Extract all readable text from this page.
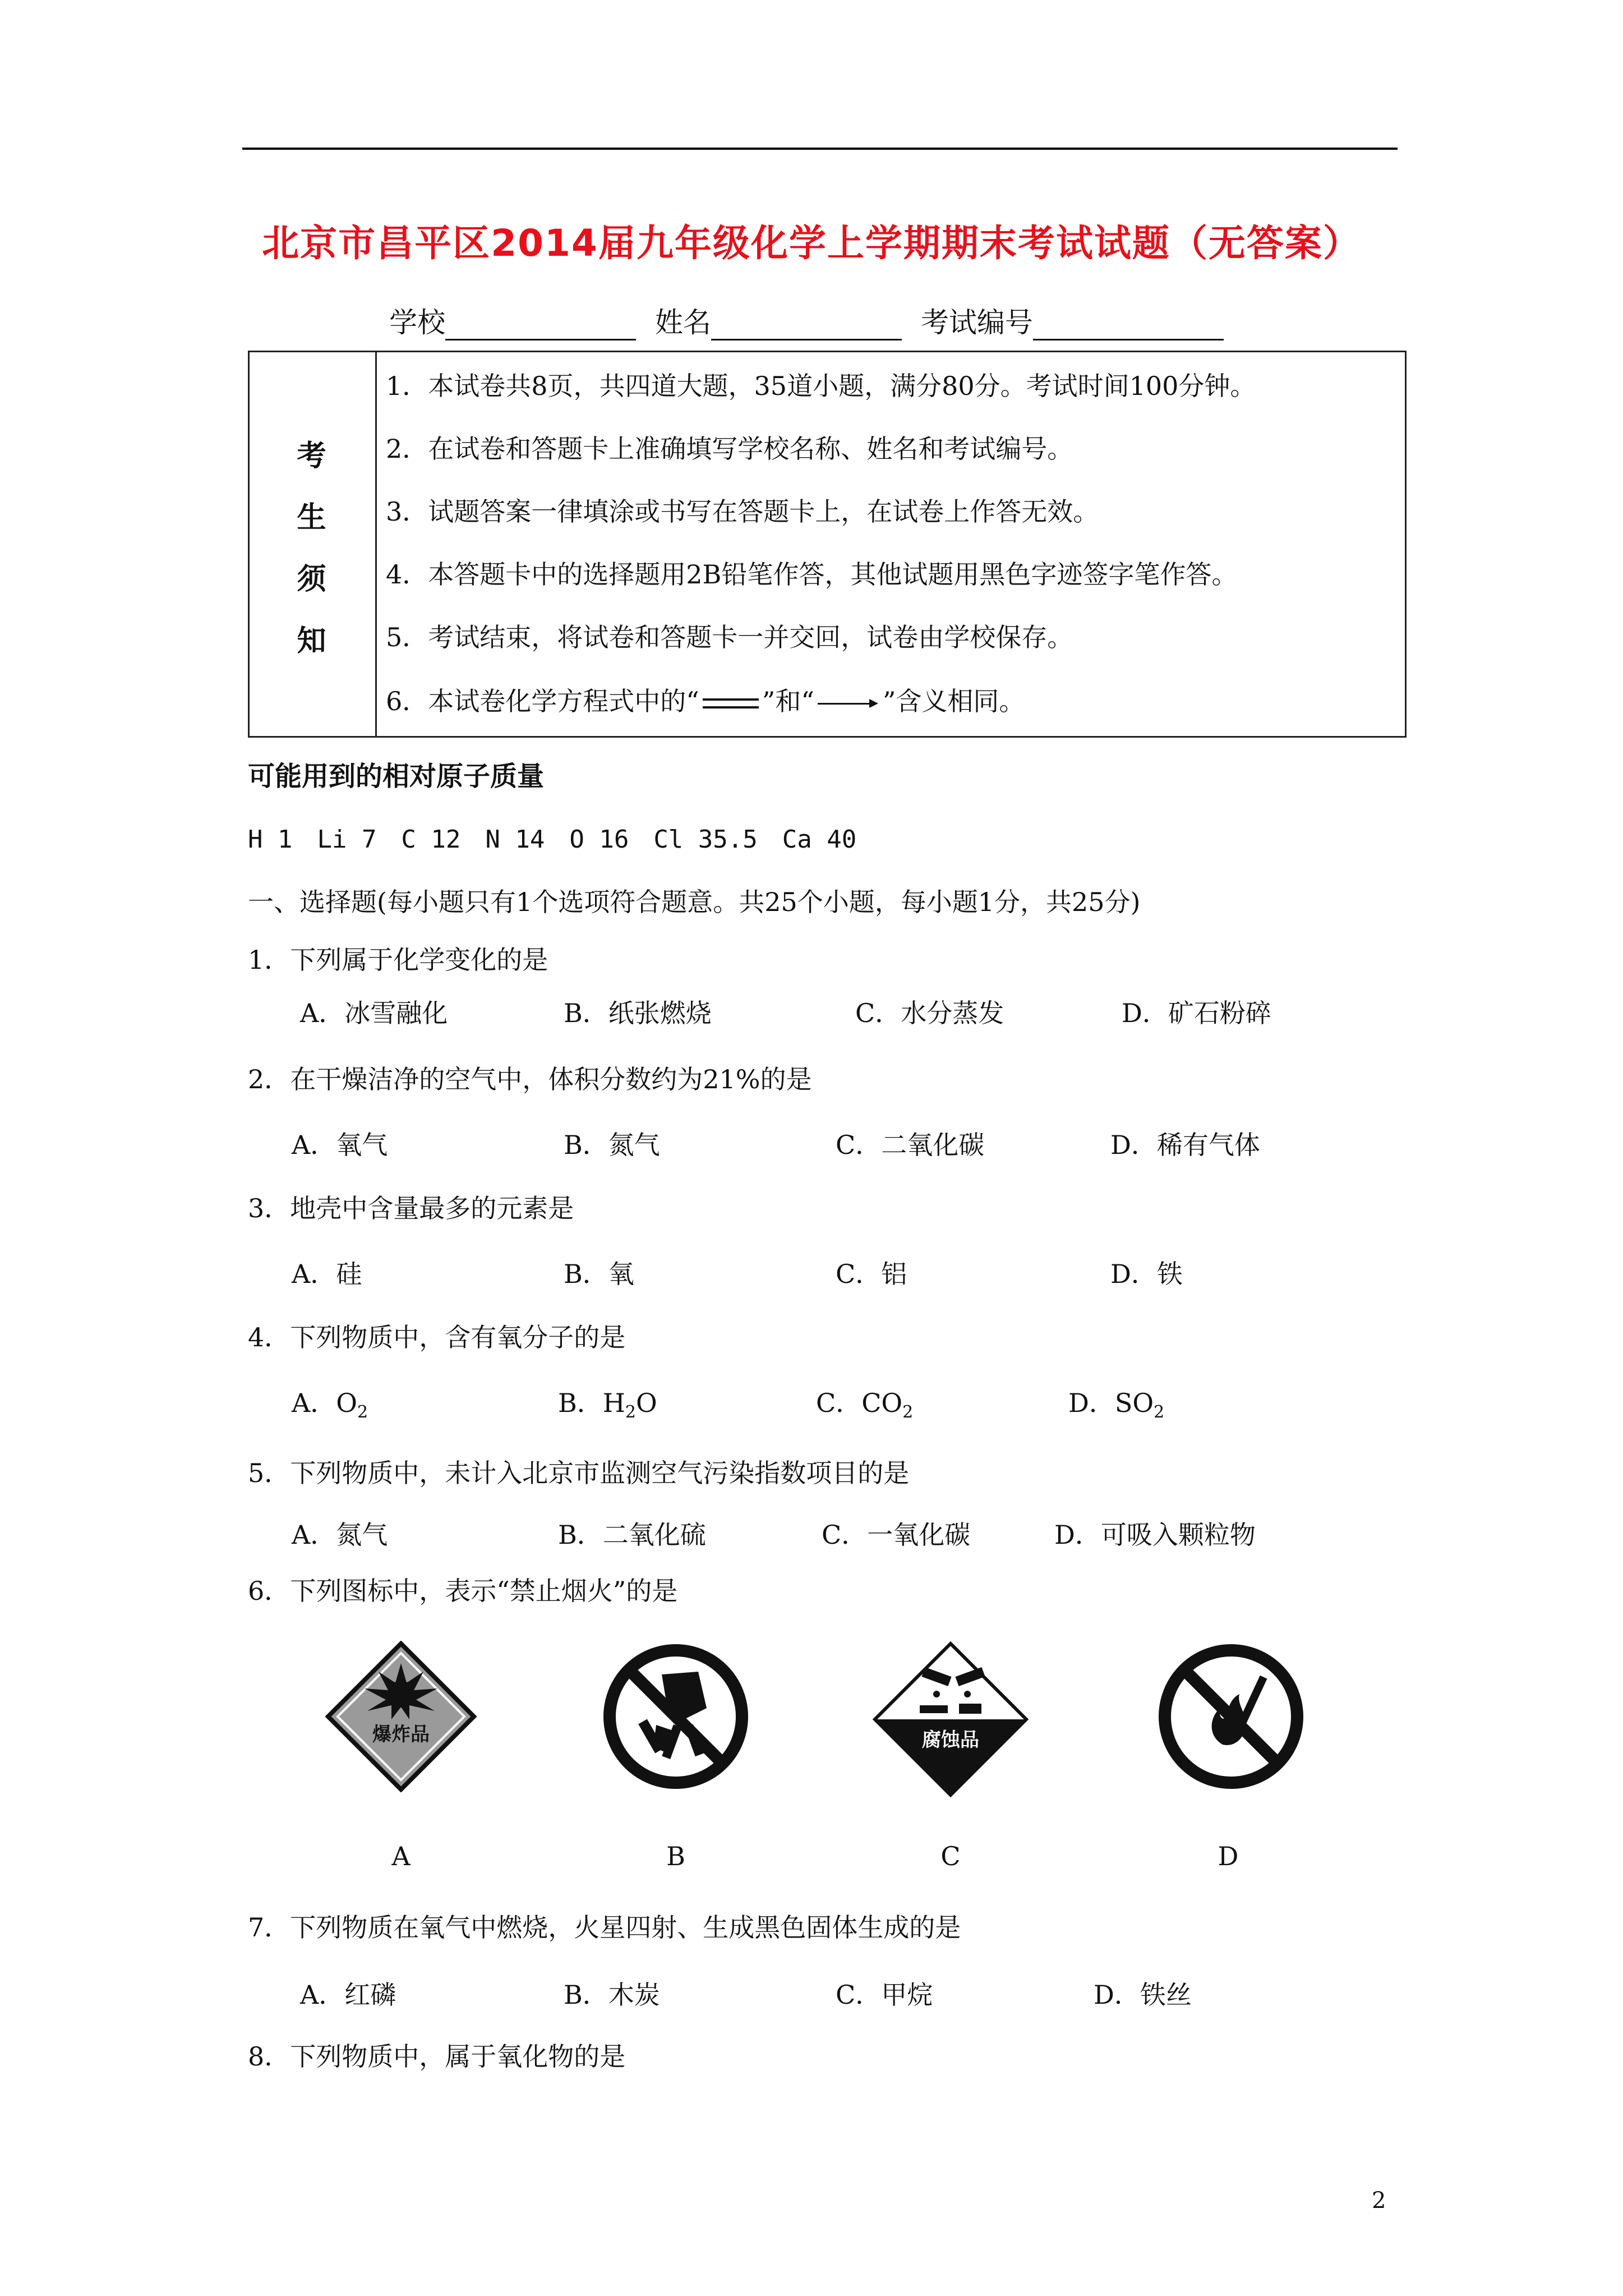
北京市昌平区2014届九年级化学上学期期末考试试题（无答案）
学校	姓名	考试编号
考
生
须
知
1．本试卷共8页，共四道大题，35道小题，满分80分。考试时间100分钟。
2．在试卷和答题卡上准确填写学校名称、姓名和考试编号。
3．试题答案一律填涂或书写在答题卡上，在试卷上作答无效。
4．本答题卡中的选择题用2B铅笔作答，其他试题用黑色字迹签字笔作答。
5．考试结束，将试卷和答题卡一并交回，试卷由学校保存。
6．本试卷化学方程式中的“ ”和“	”含义相同。
可能用到的相对原子质量
H 1　Li 7　C 12　N 14　O 16　Cl 35.5　Ca 40
一、选择题(每小题只有1个选项符合题意。共25个小题，每小题1分，共25分)
1．下列属于化学变化的是
A．冰雪融化	B．纸张燃烧	C．水分蒸发	D．矿石粉碎
2．在干燥洁净的空气中，体积分数约为21%的是
A．氧气	B．氮气	C．二氧化碳	D．稀有气体
3．地壳中含量最多的元素是
A．硅	B．氧	C．铝	D．铁
4．下列物质中，含有氧分子的是
A．$O_2$	B．$H_2O$	C．$CO_2$	D．$SO_2$
5．下列物质中，未计入北京市监测空气污染指数项目的是
A．氮气	B．二氧化硫	C．一氧化碳	D．可吸入颗粒物
6．下列图标中，表示“禁止烟火”的是
爆炸品	腐蚀品
A	B	C	D
7．下列物质在氧气中燃烧，火星四射、生成黑色固体生成的是
A．红磷	B．木炭	C．甲烷	D．铁丝
8．下列物质中，属于氧化物的是
2
